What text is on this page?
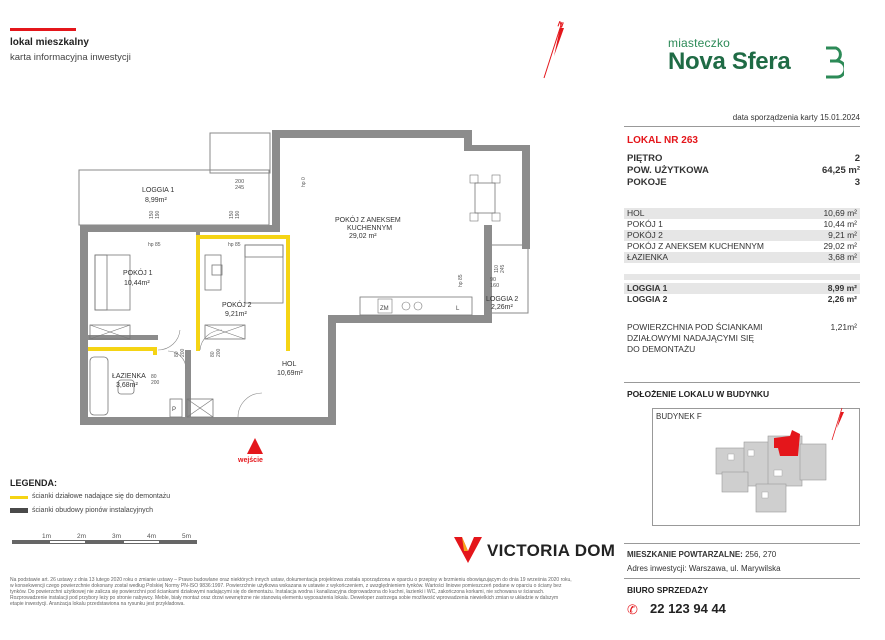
lokal mieszkalny
karta informacyjna inwestycji
N
miasteczko
Nova Sfera
data sporządzenia karty 15.01.2024
LOKAL NR 263
PIĘTRO	2
POW. UŻYTKOWA	64,25 m²
POKOJE	3
HOL	10,69 m²
POKÓJ 1	10,44 m²
POKÓJ 2	9,21 m²
POKÓJ Z ANEKSEM KUCHENNYM	29,02 m²
ŁAZIENKA	3,68 m²
LOGGIA 1	8,99 m²
LOGGIA 2	2,26 m²
POWIERZCHNIA POD ŚCIANKAMI
DZIAŁOWYMI NADAJĄCYMI SIĘ
DO DEMONTAŻU
1,21m²
POŁOŻENIE LOKALU W BUDYNKU
BUDYNEK F
MIESZKANIE POWTARZALNE: 256, 270
Adres inwestycji: Warszawa, ul. Marywilska
BIURO SPRZEDAŻY
✆ 22 123 94 44
ZM	L
P
LOGGIA 1
8,99m²
POKÓJ Z ANEKSEM
KUCHENNYM
29,02 m²
POKÓJ 1
10,44m²
POKÓJ 2
9,21m²
HOL
10,69m²
ŁAZIENKA
3,68m²
LOGGIA 2
2,26m²
200
245
150 190	150 190
110 245
90
160
80 200	80 200
80
200
hp 85	hp 85
hp 0
hp 85
wejście
LEGENDA:
ścianki działowe nadające się do demontażu
ścianki obudowy pionów instalacyjnych
1m	2m	3m	4m	5m
VICTORIA DOM
Na podstawie art. 26 ustawy z dnia 13 lutego 2020 roku o zmianie ustawy – Prawo budowlane oraz niektórych innych ustaw, dokumentacja projektowa została sporządzona w oparciu o przepisy w brzmieniu obowiązującym do dnia 19 września 2020 roku, w konsekwencji czego powierzchnie dokonany został według Polskiej Normy PN-ISO 9836:1997. Powierzchnie użytkowa wskazana w ustawie z wykończeniem, z uwzględnieniem tynków. Wartości liniowe pomieszczeń podane w oparciu o ściany bez tynków. Do powierzchni użytkowej nie zalicza się powierzchni pod ściankami działowymi nadającymi się do demontażu. Instalacja wodna i kanalizacyjna doprowadzona do kuchni, łazienki i WC, zakończona korkami, nie schowana w ścianach. Rozprowadzenie instalacji pod przybory leży po stronie nabywcy. Meble, biały montaż oraz drzwi wewnętrzne nie stanowią elementu wyposażenia lokalu. Deweloper zastrzega sobie możliwość wprowadzenia niewielkich zmian w układzie w dalszym etapie inwestycji. Aranżacja lokalu przedstawiona na rysunku jest przykładowa.
